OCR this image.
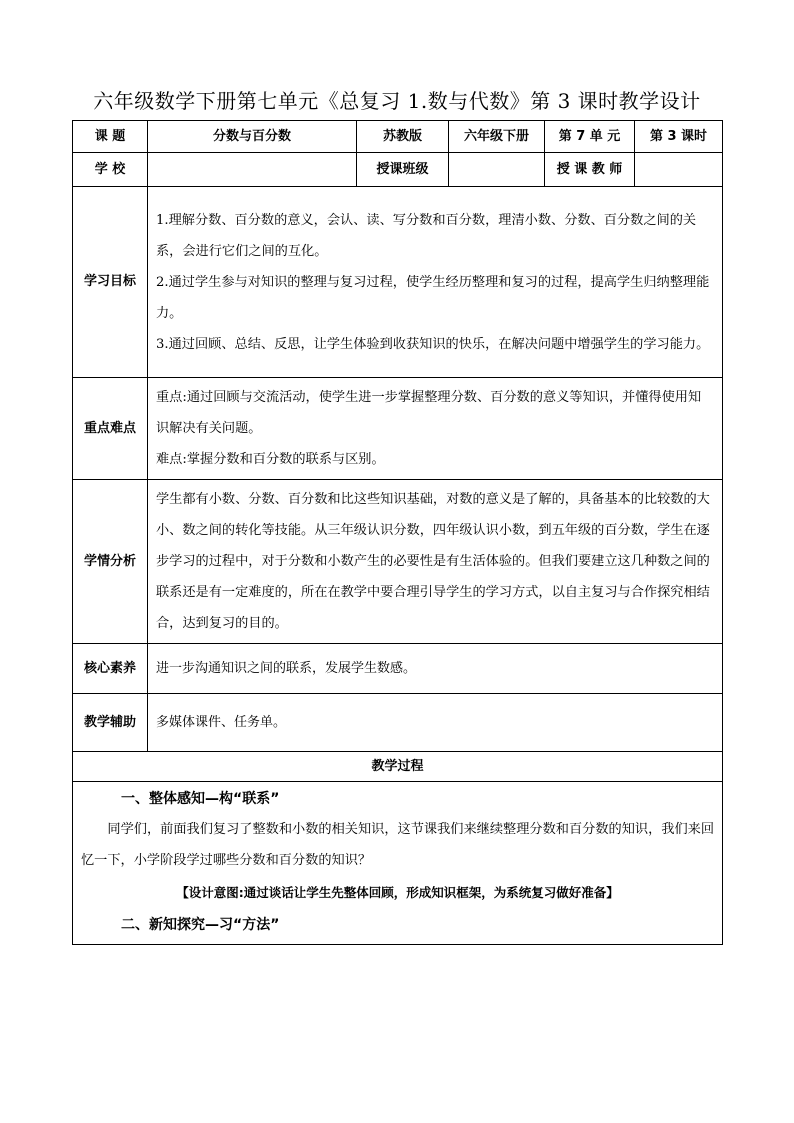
六年级数学下册第七单元《总复习 1.数与代数》第 3 课时教学设计
课 题	分数与百分数	苏教版	六年级下册	第 7 单 元	第 3 课时
学 校		授课班级		授 课 教 师	
学习目标	1.理解分数、百分数的意义，会认、读、写分数和百分数，理清小数、分数、百分数之间的关系，会进行它们之间的互化。

2.通过学生参与对知识的整理与复习过程，使学生经历整理和复习的过程，提高学生归纳整理能力。

3.通过回顾、总结、反思，让学生体验到收获知识的快乐，在解决问题中增强学生的学习能力。				

重点难点	重点:通过回顾与交流活动，使学生进一步掌握整理分数、百分数的意义等知识，并懂得使用知识解决有关问题。

难点:掌握分数和百分数的联系与区别。				

学情分析	学生都有小数、分数、百分数和比这些知识基础，对数的意义是了解的，具备基本的比较数的大小、数之间的转化等技能。从三年级认识分数，四年级认识小数，到五年级的百分数，学生在逐步学习的过程中，对于分数和小数产生的必要性是有生活体验的。但我们要建立这几种数之间的联系还是有一定难度的，所在在教学中要合理引导学生的学习方式，以自主复习与合作探究相结合，达到复习的目的。				

核心素养	进一步沟通知识之间的联系，发展学生数感。				
教学辅助	多媒体课件、任务单。				
教学过程					

一、整体感知—构“联系”

同学们，前面我们复习了整数和小数的相关知识，这节课我们来继续整理分数和百分数的知识，我们来回忆一下，小学阶段学过哪些分数和百分数的知识？

【设计意图:通过谈话让学生先整体回顾，形成知识框架，为系统复习做好准备】

二、新知探究—习“方法”					
